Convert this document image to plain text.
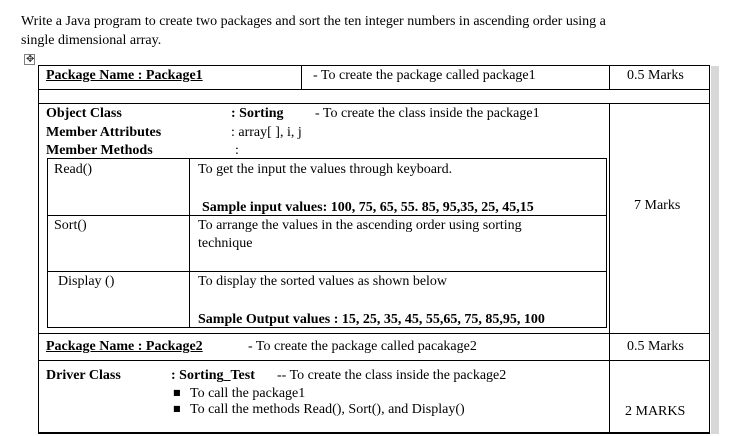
Write a Java program to create two packages and sort the ten integer numbers in ascending order using a
single dimensional array.
✥
Package Name : Package1	- To create the package called package1	0.5 Marks
Object Class	: Sorting - To create the class inside the package1
Member Attributes	: array[ ], i, j
Member Methods	:
7 Marks
Read()	To get the input the values through keyboard.
Sample input values: 100, 75, 65, 55. 85, 95,35, 25, 45,15
Sort()	To arrange the values in the ascending order using sorting
technique
Display ()	To display the sorted values as shown below
Sample Output values : 15, 25, 35, 45, 55,65, 75, 85,95, 100
Package Name : Package2	- To create the package called pacakage2	0.5 Marks
Driver Class	: Sorting_Test -- To create the class inside the package2
■ To call the package1
■ To call the methods Read(), Sort(), and Display()	2 MARKS
